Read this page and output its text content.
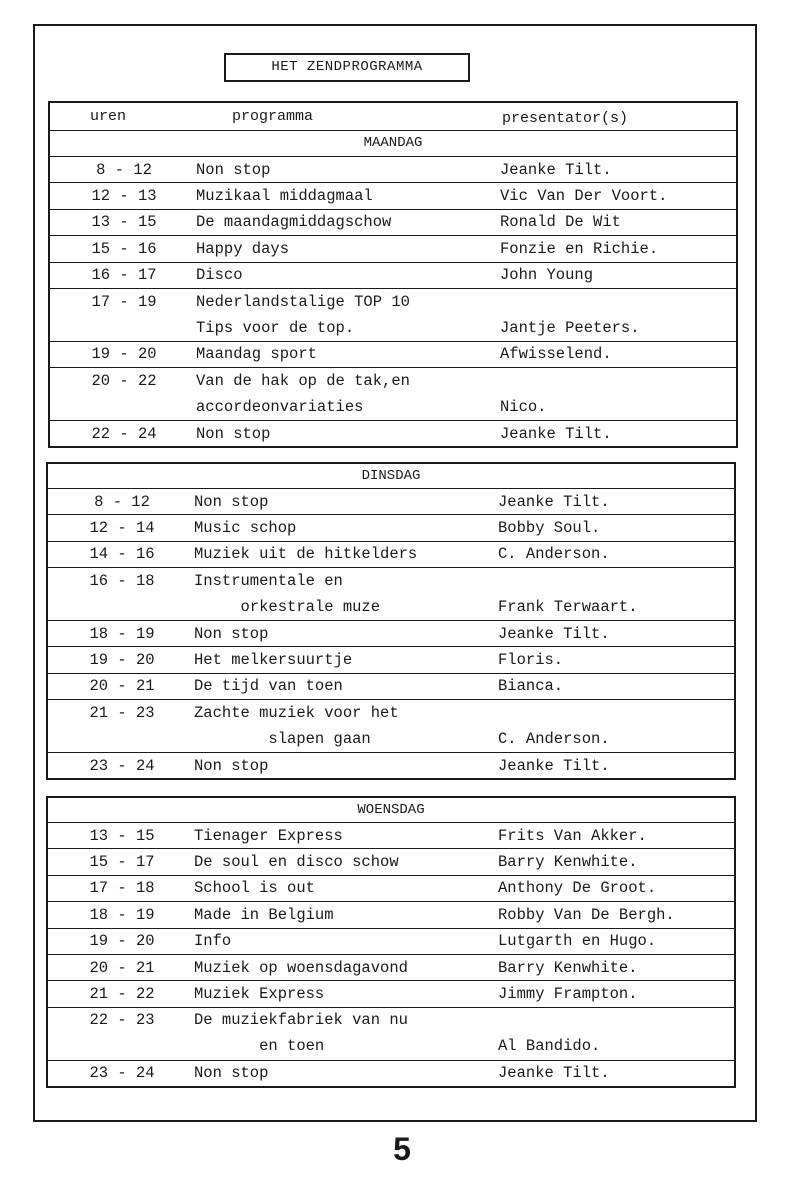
HET ZENDPROGRAMMA
uren	programma	presentator(s)
MAANDAG
8 - 12	Non stop	Jeanke Tilt.
12 - 13	Muzikaal middagmaal	Vic Van Der Voort.
13 - 15	De maandagmiddagschow	Ronald De Wit
15 - 16	Happy days	Fonzie en Richie.
16 - 17	Disco	John Young
17 - 19	Nederlandstalige TOP 10
Tips voor de top.	Jantje Peeters.
19 - 20	Maandag sport	Afwisselend.
20 - 22	Van de hak op de tak,en
accordeonvariaties	Nico.
22 - 24	Non stop	Jeanke Tilt.
DINSDAG
8 - 12	Non stop	Jeanke Tilt.
12 - 14	Music schop	Bobby Soul.
14 - 16	Muziek uit de hitkelders	C. Anderson.
16 - 18	Instrumentale en
orkestrale muze	Frank Terwaart.
18 - 19	Non stop	Jeanke Tilt.
19 - 20	Het melkersuurtje	Floris.
20 - 21	De tijd van toen	Bianca.
21 - 23	Zachte muziek voor het
slapen gaan	C. Anderson.
23 - 24	Non stop	Jeanke Tilt.
WOENSDAG
13 - 15	Tienager Express	Frits Van Akker.
15 - 17	De soul en disco schow	Barry Kenwhite.
17 - 18	School is out	Anthony De Groot.
18 - 19	Made in Belgium	Robby Van De Bergh.
19 - 20	Info	Lutgarth en Hugo.
20 - 21	Muziek op woensdagavond	Barry Kenwhite.
21 - 22	Muziek Express	Jimmy Frampton.
22 - 23	De muziekfabriek van nu
en toen	Al Bandido.
23 - 24	Non stop	Jeanke Tilt.
5
